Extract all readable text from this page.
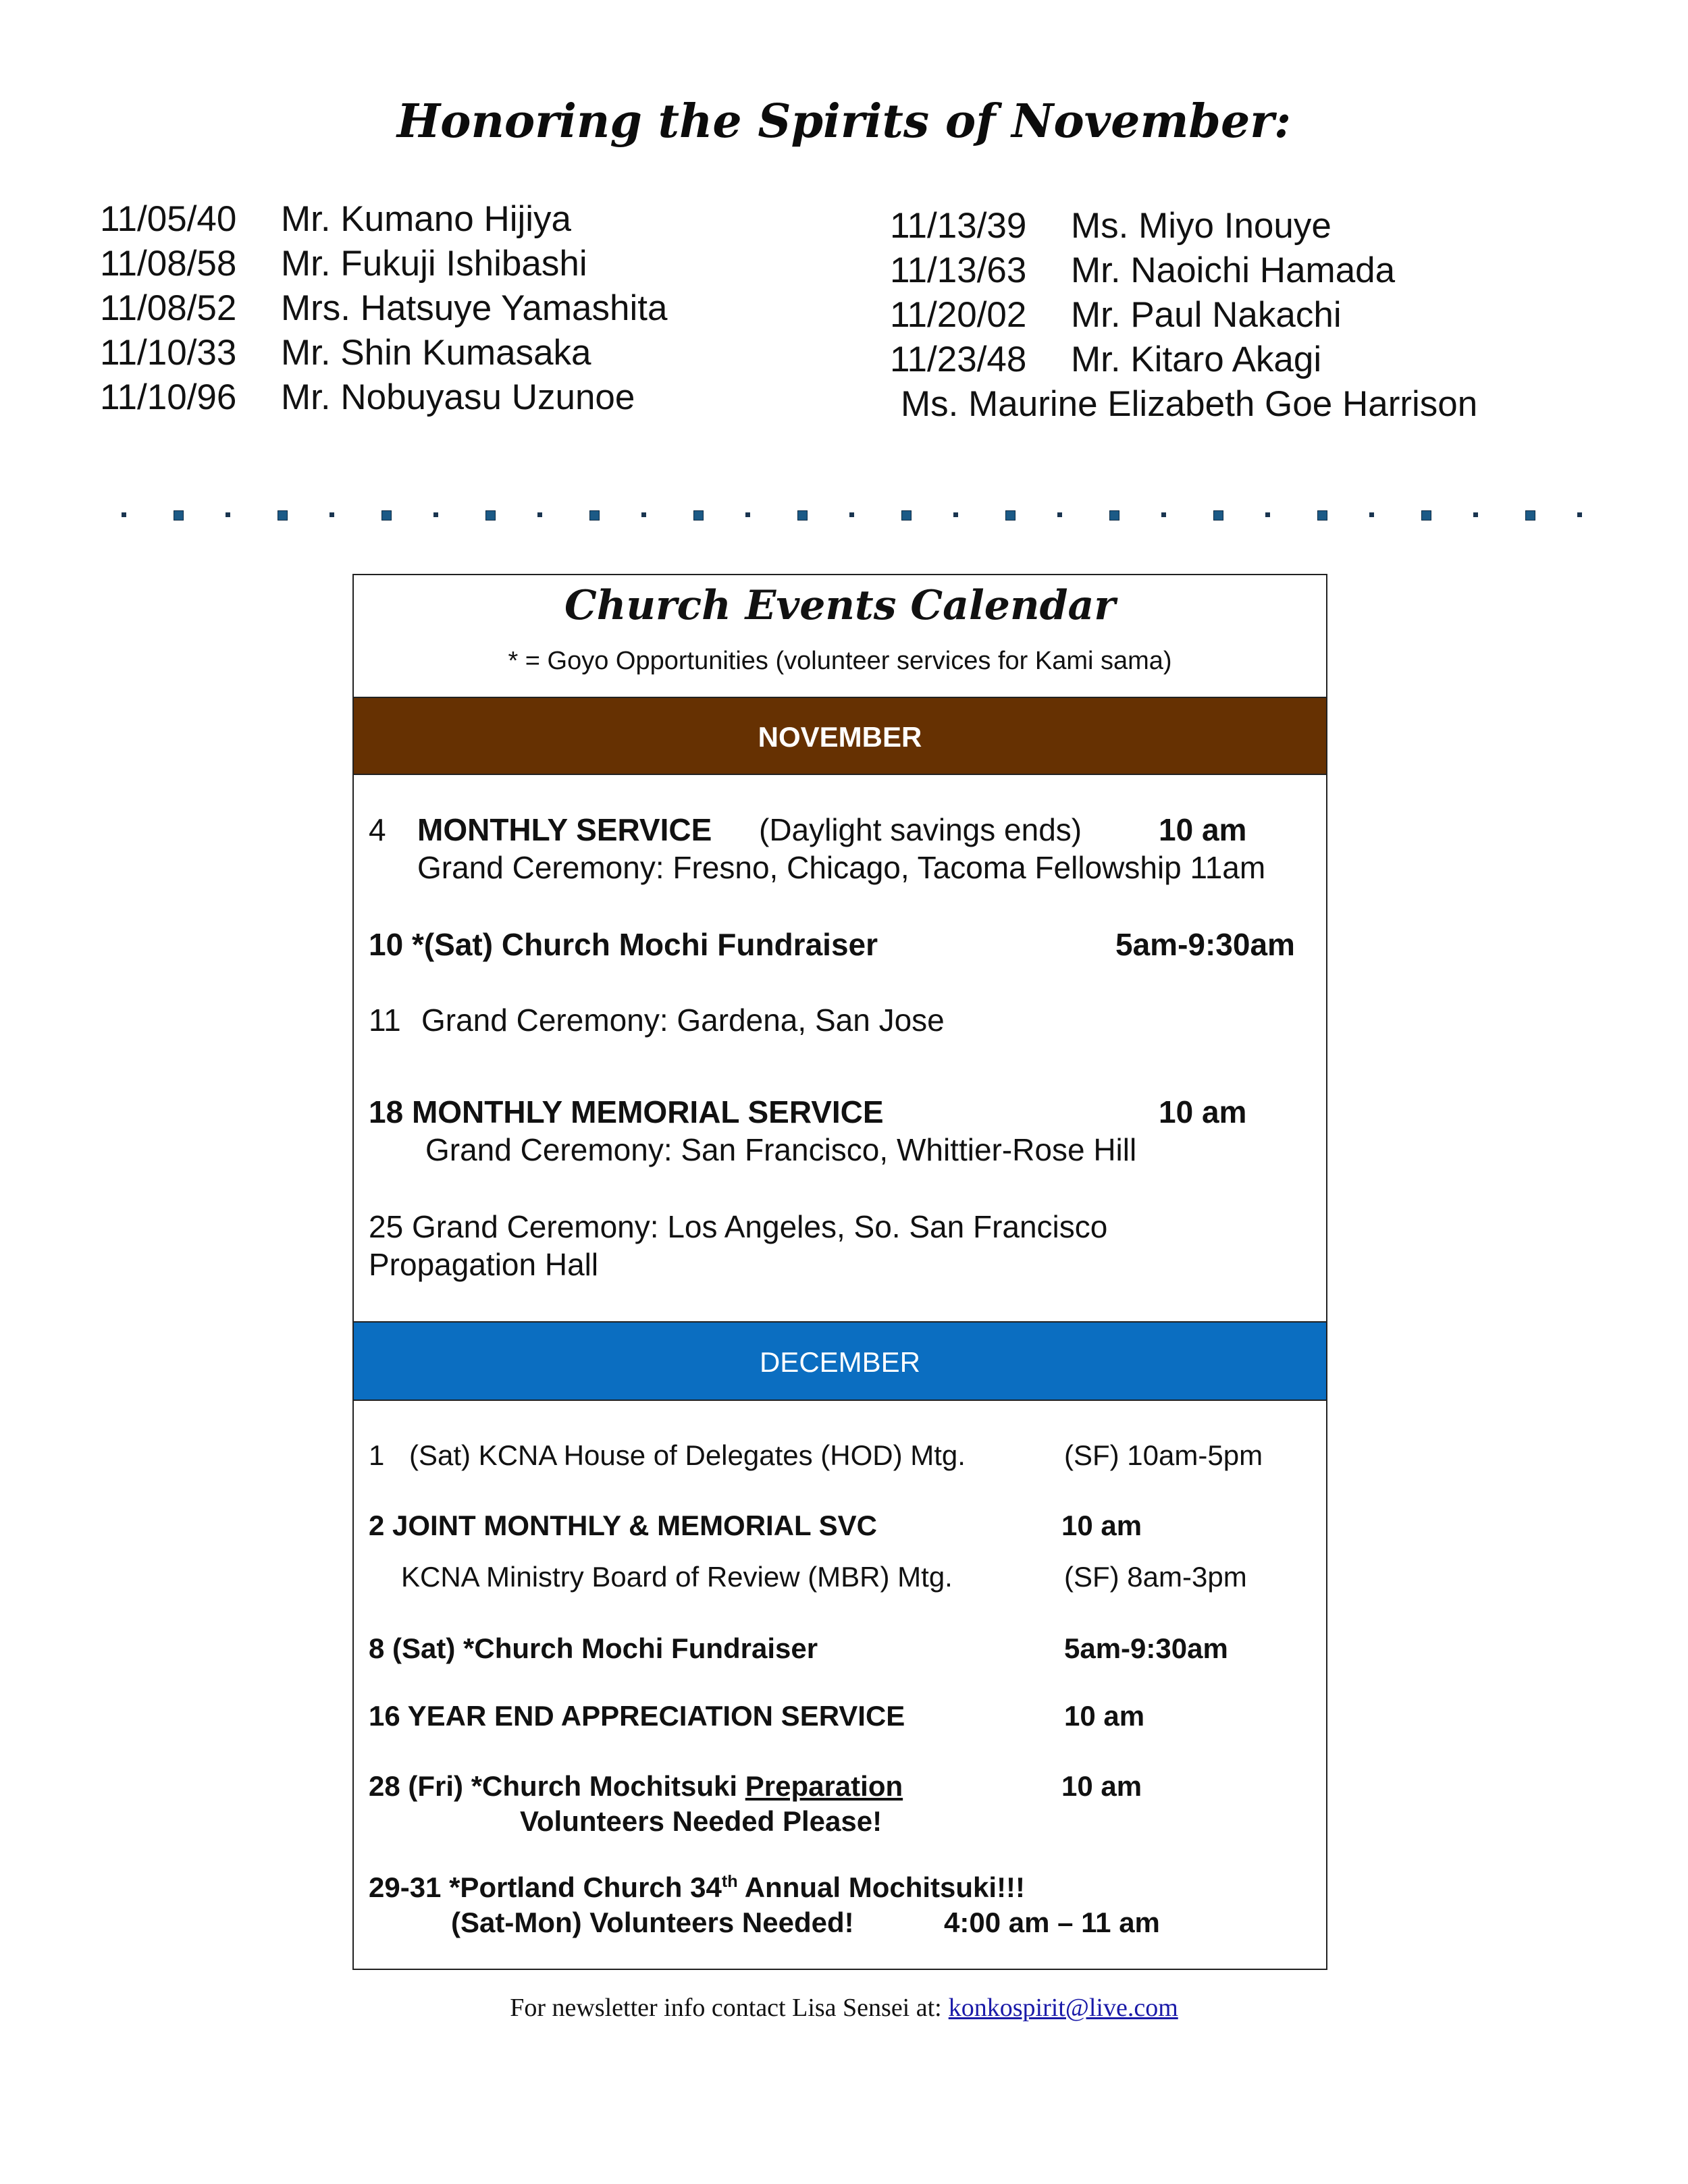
Honoring the Spirits of November:
11/05/40 Mr. Kumano Hijiya
11/08/58 Mr. Fukuji Ishibashi
11/08/52 Mrs. Hatsuye Yamashita
11/10/33 Mr. Shin Kumasaka
11/10/96 Mr. Nobuyasu Uzunoe
11/13/39 Ms. Miyo Inouye
11/13/63 Mr. Naoichi Hamada
11/20/02 Mr. Paul Nakachi
11/23/48 Mr. Kitaro Akagi
Ms. Maurine Elizabeth Goe Harrison
Church Events Calendar
* = Goyo Opportunities (volunteer services for Kami sama)
NOVEMBER
4 MONTHLY SERVICE (Daylight savings ends) 10 am
Grand Ceremony: Fresno, Chicago, Tacoma Fellowship 11am
10 *(Sat) Church Mochi Fundraiser	5am-9:30am
11 Grand Ceremony: Gardena, San Jose
18 MONTHLY MEMORIAL SERVICE	10 am
Grand Ceremony: San Francisco, Whittier-Rose Hill
25 Grand Ceremony: Los Angeles, So. San Francisco
Propagation Hall
DECEMBER
1 (Sat) KCNA House of Delegates (HOD) Mtg.	(SF) 10am-5pm
2 JOINT MONTHLY & MEMORIAL SVC	10 am
KCNA Ministry Board of Review (MBR) Mtg.	(SF) 8am-3pm
8 (Sat) *Church Mochi Fundraiser	5am-9:30am
16 YEAR END APPRECIATION SERVICE	10 am
28 (Fri) *Church Mochitsuki Preparation	10 am
Volunteers Needed Please!
29-31 *Portland Church 34th Annual Mochitsuki!!!
(Sat-Mon) Volunteers Needed!	4:00 am – 11 am
For newsletter info contact Lisa Sensei at: konkospirit@live.com
